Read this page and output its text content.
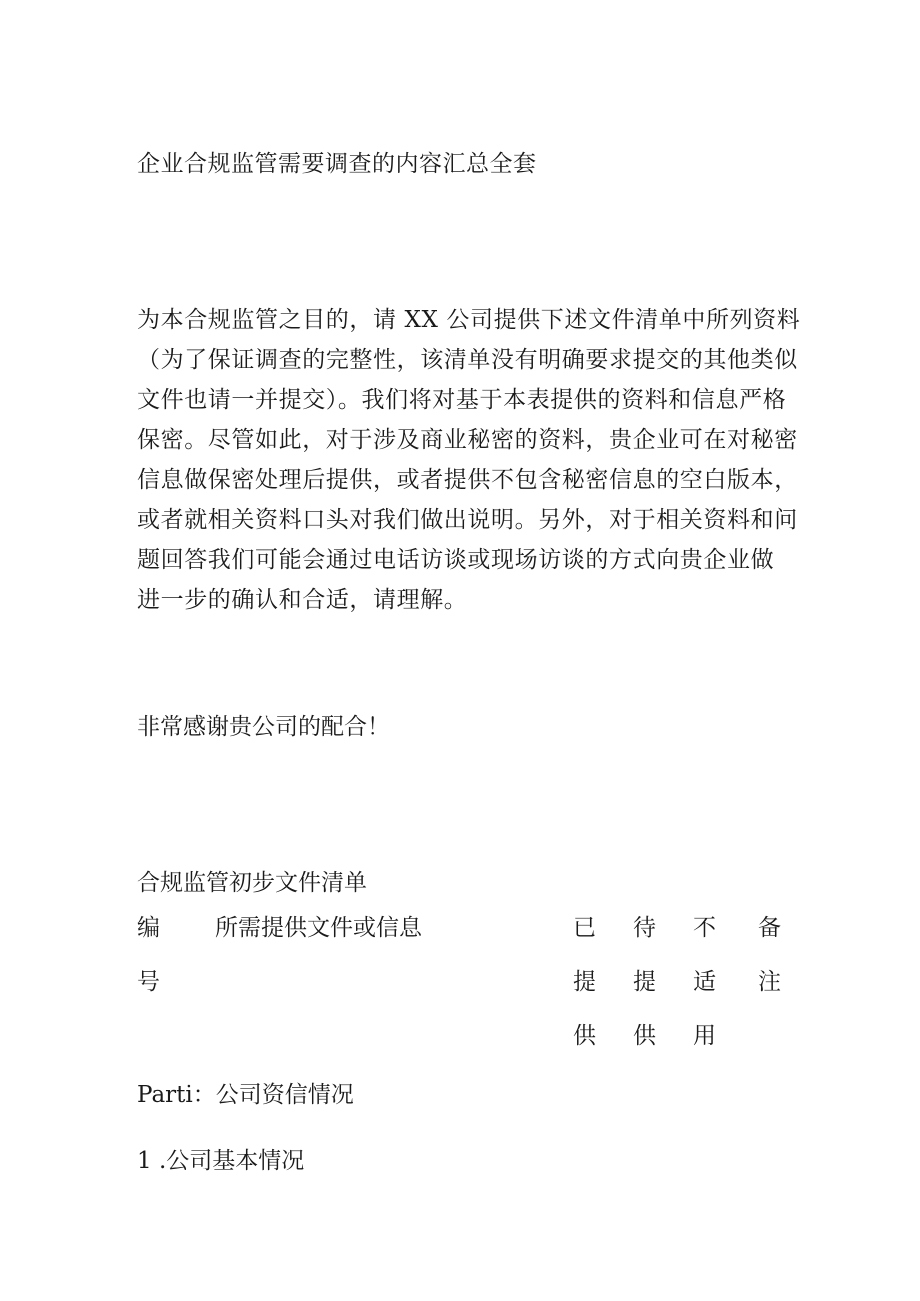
企业合规监管需要调查的内容汇总全套
为本合规监管之目的，请 XX 公司提供下述文件清单中所列资料
（为了保证调查的完整性，该清单没有明确要求提交的其他类似
文件也请一并提交）。我们将对基于本表提供的资料和信息严格
保密。尽管如此，对于涉及商业秘密的资料，贵企业可在对秘密
信息做保密处理后提供，或者提供不包含秘密信息的空白版本，
或者就相关资料口头对我们做出说明。另外，对于相关资料和问
题回答我们可能会通过电话访谈或现场访谈的方式向贵企业做
进一步的确认和合适，请理解。
非常感谢贵公司的配合！
合规监管初步文件清单
编
号
所需提供文件或信息	已
提
供
待
提
供
不
适
用
备
注
Parti：公司资信情况
1 .公司基本情况
